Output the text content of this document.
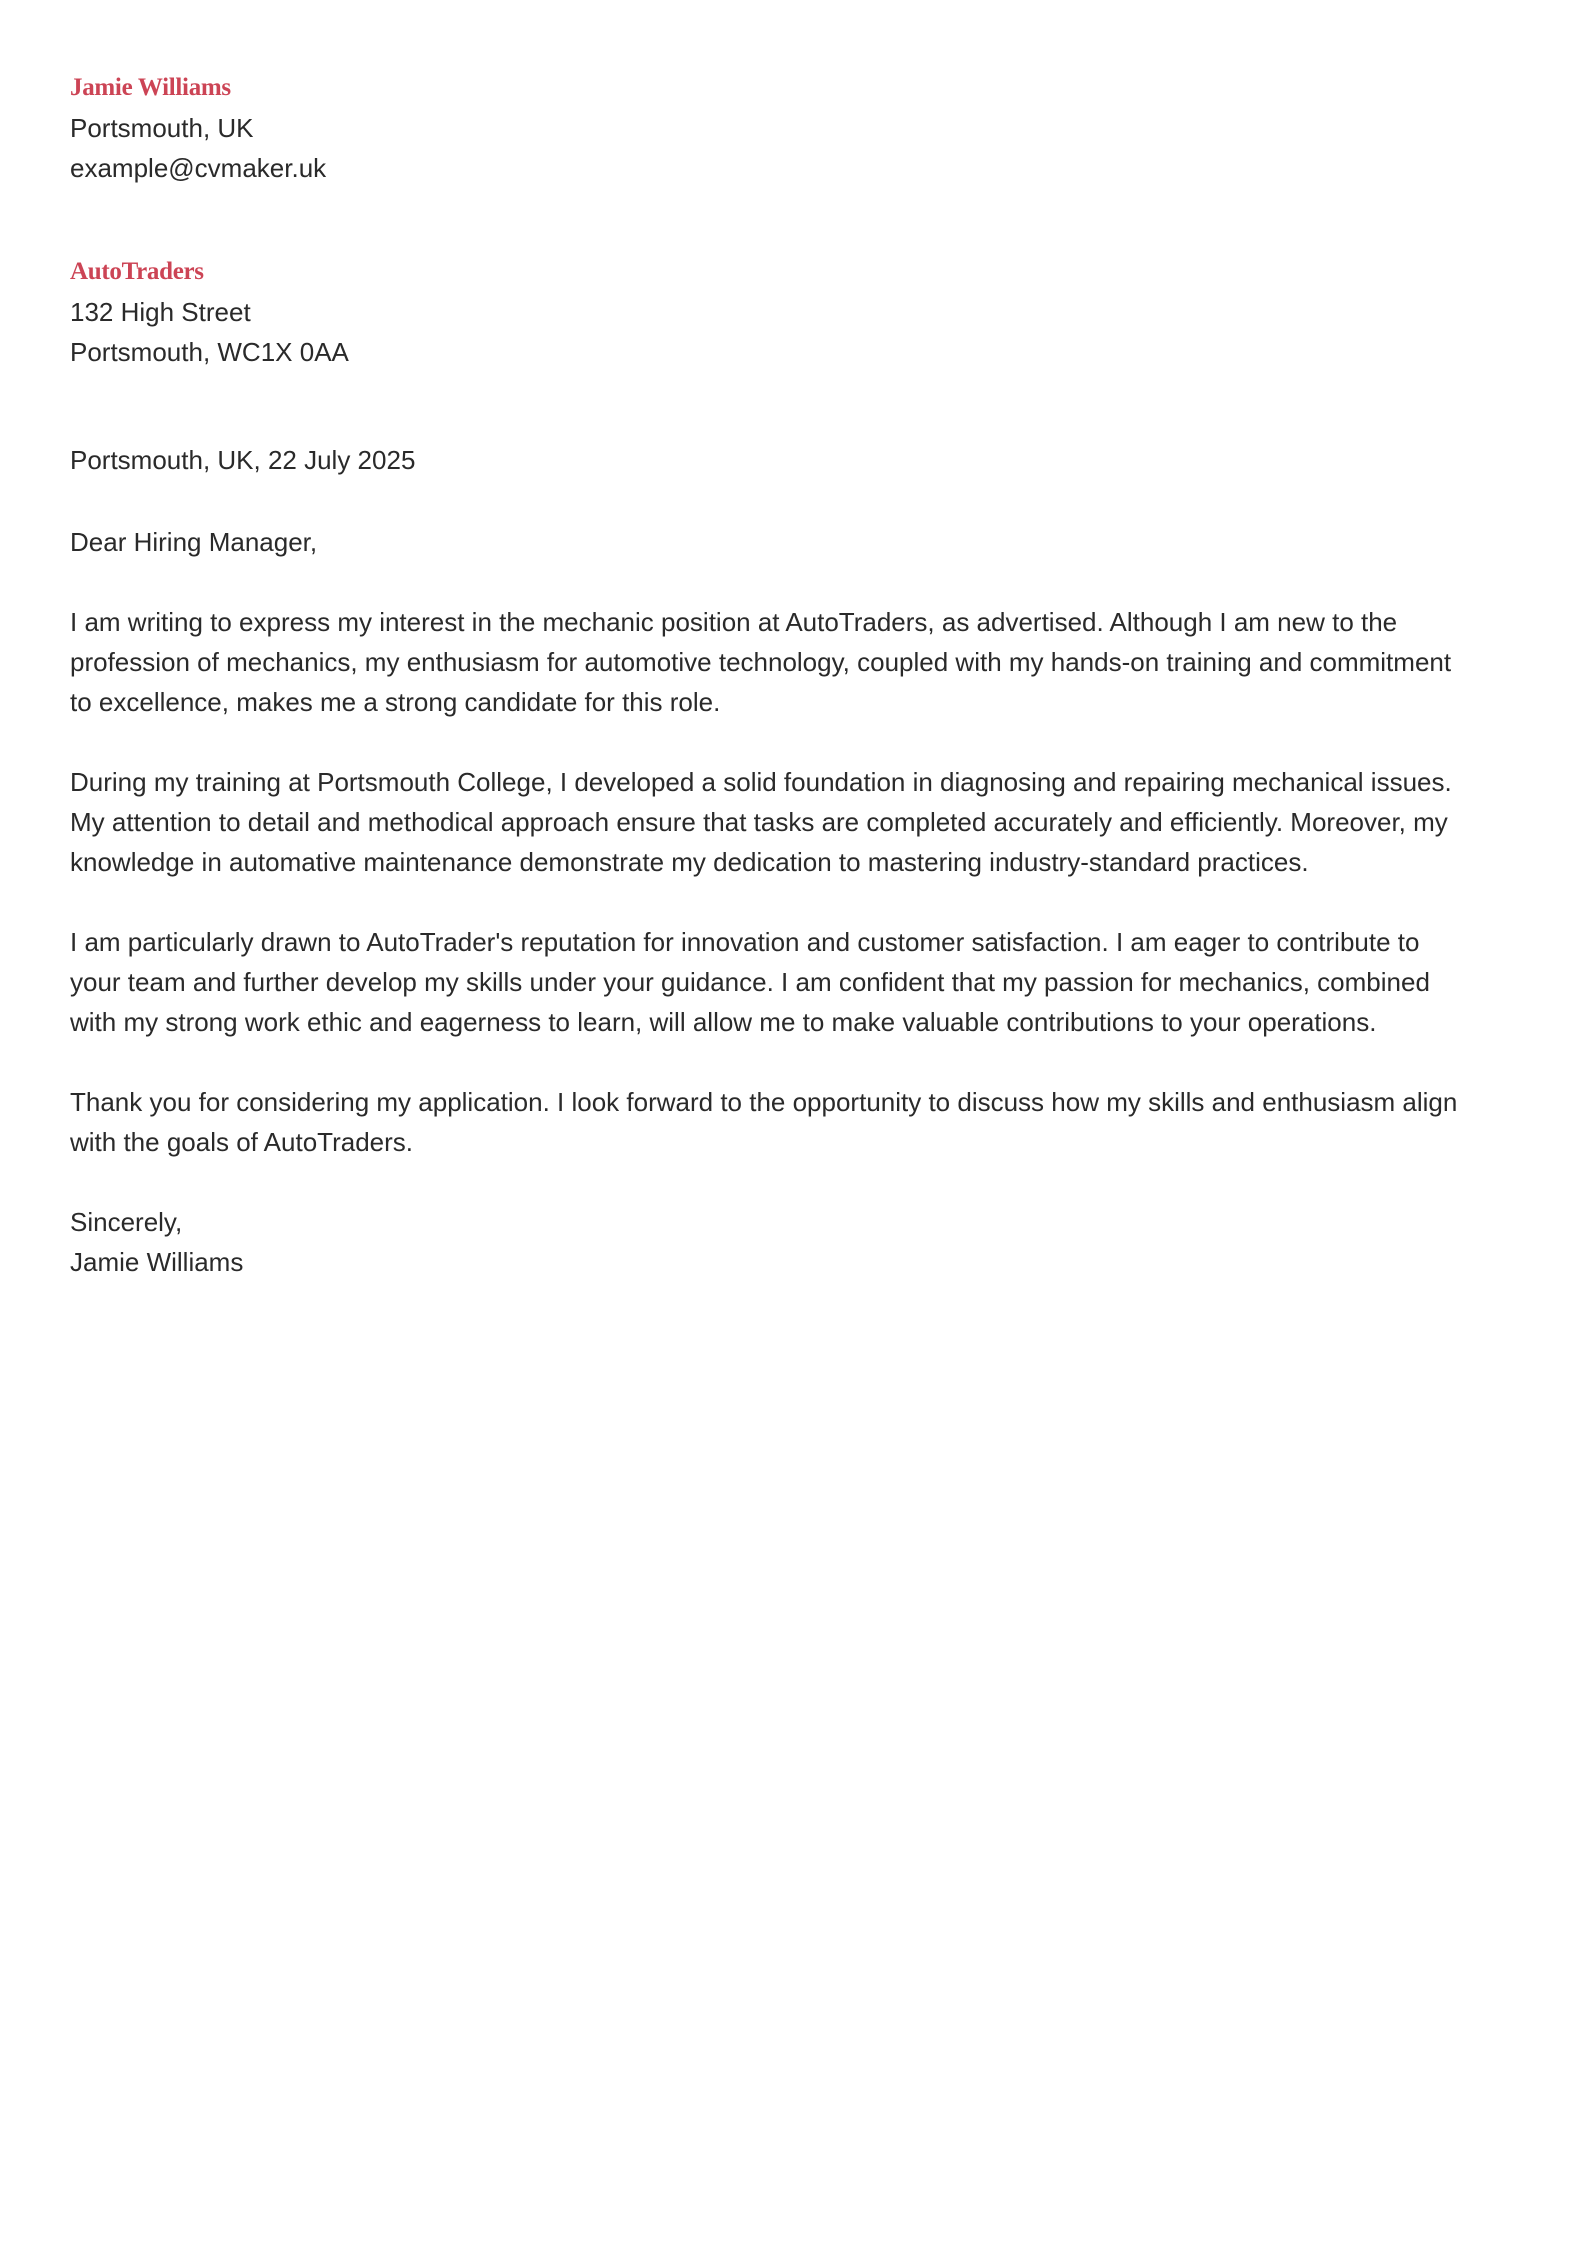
Jamie Williams
Portsmouth, UK
example@cvmaker.uk
AutoTraders
132 High Street
Portsmouth, WC1X 0AA
Portsmouth, UK, 22 July 2025
Dear Hiring Manager,

I am writing to express my interest in the mechanic position at AutoTraders, as advertised. Although I am new to the profession of mechanics, my enthusiasm for automotive technology, coupled with my hands-on training and commitment to excellence, makes me a strong candidate for this role.

During my training at Portsmouth College, I developed a solid foundation in diagnosing and repairing mechanical issues. My attention to detail and methodical approach ensure that tasks are completed accurately and efficiently. Moreover, my knowledge in automative maintenance demonstrate my dedication to mastering industry-standard practices.

I am particularly drawn to AutoTrader's reputation for innovation and customer satisfaction. I am eager to contribute to your team and further develop my skills under your guidance. I am confident that my passion for mechanics, combined with my strong work ethic and eagerness to learn, will allow me to make valuable contributions to your operations.

Thank you for considering my application. I look forward to the opportunity to discuss how my skills and enthusiasm align with the goals of AutoTraders.

Sincerely,
Jamie Williams
